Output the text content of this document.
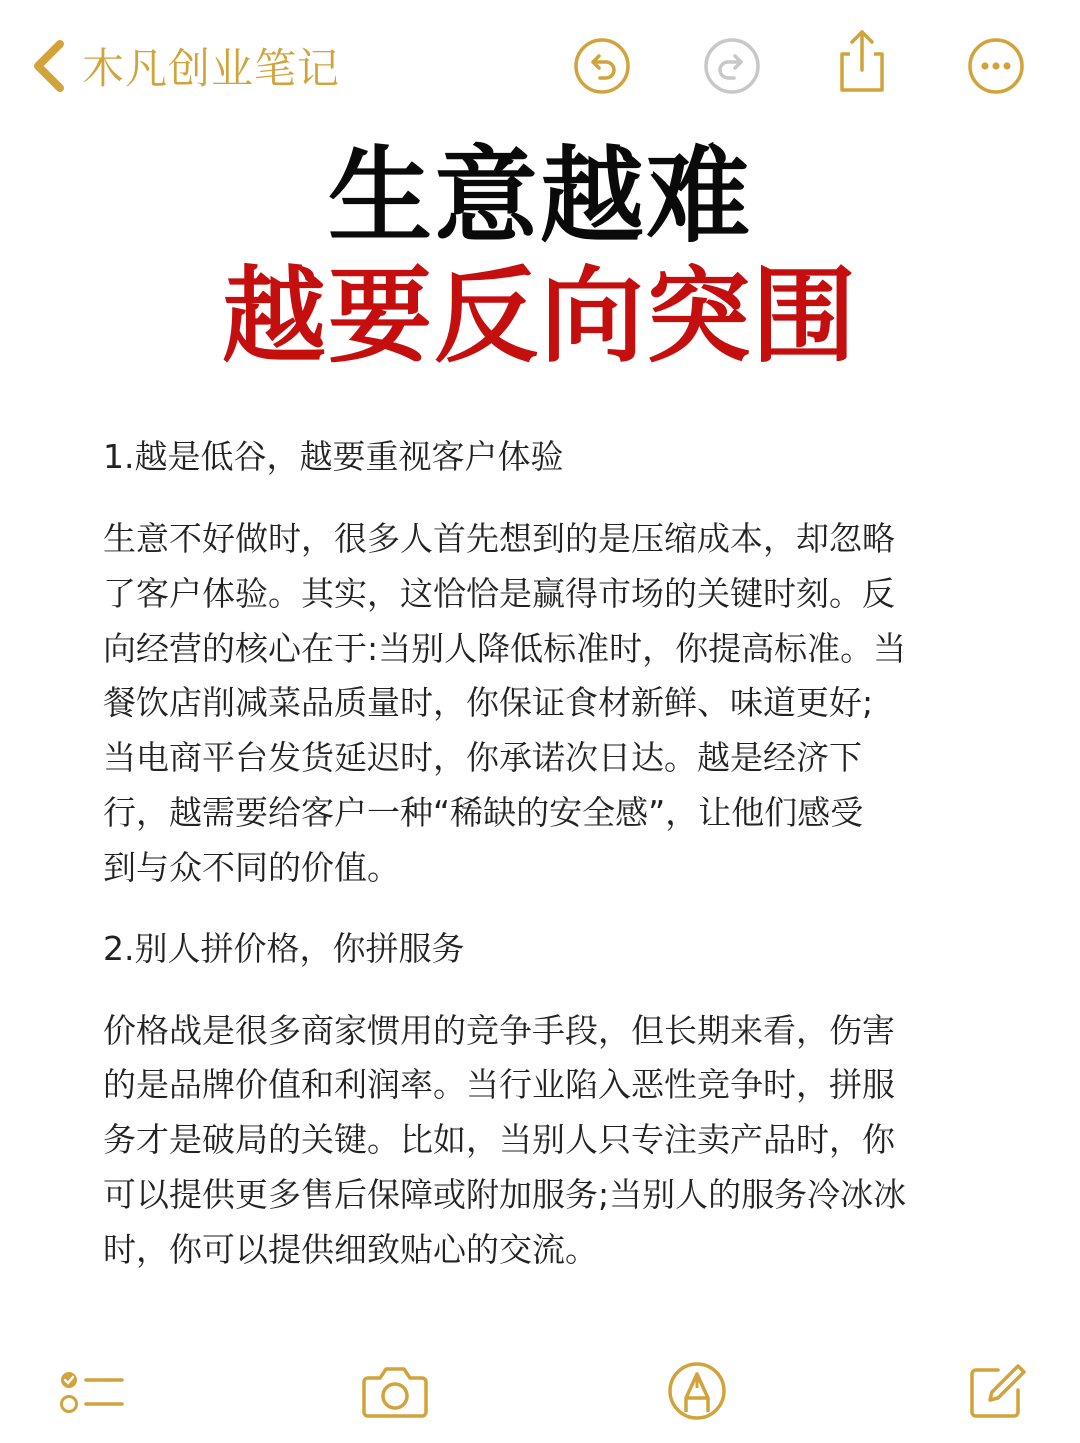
木凡创业笔记
生意越难
越要反向突围
1.越是低谷，越要重视客户体验
生意不好做时，很多人首先想到的是压缩成本，却忽略
了客户体验。其实，这恰恰是赢得市场的关键时刻。反
向经营的核心在于:当别人降低标准时，你提高标准。当
餐饮店削减菜品质量时，你保证食材新鲜、味道更好;
当电商平台发货延迟时，你承诺次日达。越是经济下
行，越需要给客户一种“稀缺的安全感”，让他们感受
到与众不同的价值。
2.别人拼价格，你拼服务
价格战是很多商家惯用的竞争手段，但长期来看，伤害
的是品牌价值和利润率。当行业陷入恶性竞争时，拼服
务才是破局的关键。比如，当别人只专注卖产品时，你
可以提供更多售后保障或附加服务;当别人的服务冷冰冰
时，你可以提供细致贴心的交流。
